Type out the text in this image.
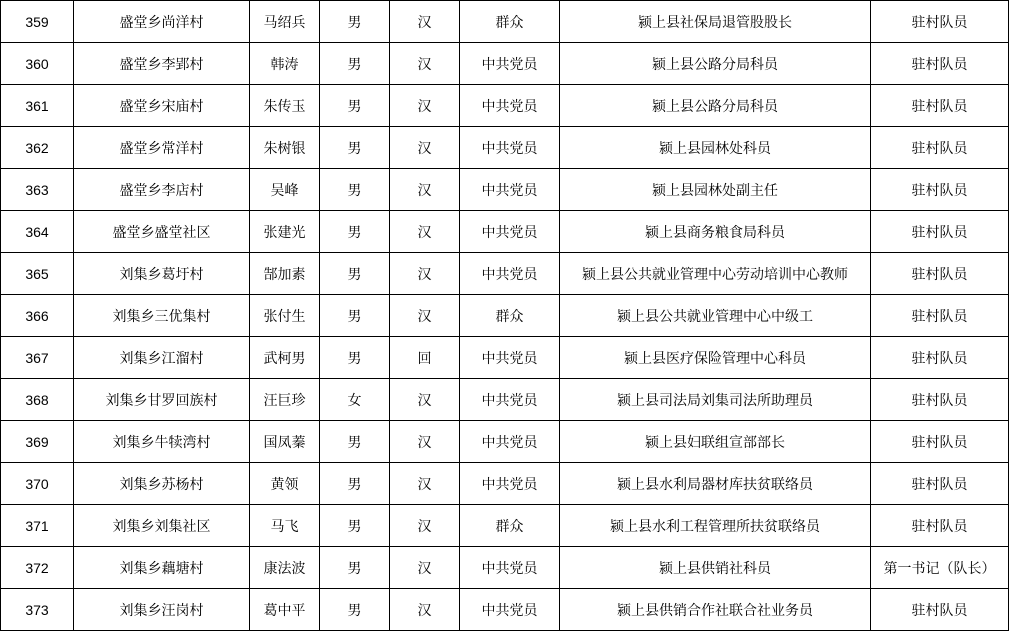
359	盛堂乡尚洋村	马绍兵	男	汉	群众	颍上县社保局退管股股长	驻村队员
360	盛堂乡李郢村	韩涛	男	汉	中共党员	颍上县公路分局科员	驻村队员
361	盛堂乡宋庙村	朱传玉	男	汉	中共党员	颍上县公路分局科员	驻村队员
362	盛堂乡常洋村	朱树银	男	汉	中共党员	颍上县园林处科员	驻村队员
363	盛堂乡李店村	吴峰	男	汉	中共党员	颍上县园林处副主任	驻村队员
364	盛堂乡盛堂社区	张建光	男	汉	中共党员	颍上县商务粮食局科员	驻村队员
365	刘集乡葛圩村	郜加素	男	汉	中共党员	颍上县公共就业管理中心劳动培训中心教师	驻村队员
366	刘集乡三优集村	张付生	男	汉	群众	颍上县公共就业管理中心中级工	驻村队员
367	刘集乡江溜村	武柯男	男	回	中共党员	颍上县医疗保险管理中心科员	驻村队员
368	刘集乡甘罗回族村	汪巨珍	女	汉	中共党员	颍上县司法局刘集司法所助理员	驻村队员
369	刘集乡牛犊湾村	国凤蓁	男	汉	中共党员	颍上县妇联组宣部部长	驻村队员
370	刘集乡苏杨村	黄领	男	汉	中共党员	颍上县水利局器材库扶贫联络员	驻村队员
371	刘集乡刘集社区	马飞	男	汉	群众	颍上县水利工程管理所扶贫联络员	驻村队员
372	刘集乡藕塘村	康法波	男	汉	中共党员	颍上县供销社科员	第一书记（队长）
373	刘集乡汪岗村	葛中平	男	汉	中共党员	颍上县供销合作社联合社业务员	驻村队员
